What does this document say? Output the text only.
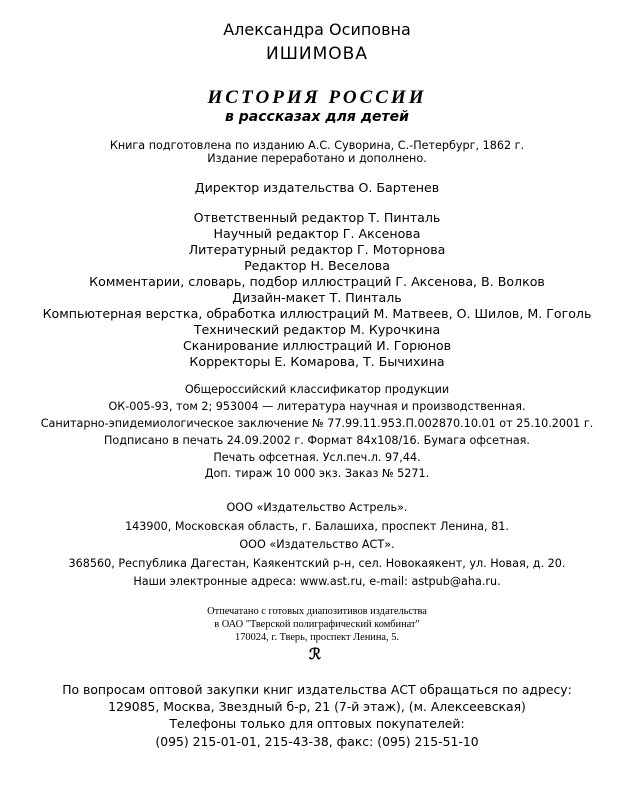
Александра Осиповна
ИШИМОВА
ИСТОРИЯ РОССИИ
в рассказах для детей
Книга подготовлена по изданию А.С. Суворина, С.-Петербург, 1862 г.
Издание переработано и дополнено.
Директор издательства О. Бартенев
Ответственный редактор Т. Пинталь
Научный редактор Г. Аксенова
Литературный редактор Г. Моторнова
Редактор Н. Веселова
Комментарии, словарь, подбор иллюстраций Г. Аксенова, В. Волков
Дизайн-макет Т. Пинталь
Компьютерная верстка, обработка иллюстраций М. Матвеев, О. Шилов, М. Гоголь
Технический редактор М. Курочкина
Сканирование иллюстраций И. Горюнов
Корректоры Е. Комарова, Т. Бычихина
Общероссийский классификатор продукции
ОК-005-93, том 2; 953004 — литература научная и производственная.
Санитарно-эпидемиологическое заключение № 77.99.11.953.П.002870.10.01 от 25.10.2001 г.
Подписано в печать 24.09.2002 г. Формат 84х108/16. Бумага офсетная.
Печать офсетная. Усл.печ.л. 97,44.
Доп. тираж 10 000 экз. Заказ № 5271.
ООО «Издательство Астрель».
143900, Московская область, г. Балашиха, проспект Ленина, 81.
ООО «Издательство АСТ».
368560, Республика Дагестан, Каякентский р-н, сел. Новокаякент, ул. Новая, д. 20.
Наши электронные адреса: www.ast.ru, e-mail: astpub@aha.ru.
Отпечатано с готовых диапозитивов издательства
в ОАО "Тверской полиграфический комбинат"
170024, г. Тверь, проспект Ленина, 5.
ℛ
По вопросам оптовой закупки книг издательства АСТ обращаться по адресу:
129085, Москва, Звездный б-р, 21 (7-й этаж), (м. Алексеевская)
Телефоны только для оптовых покупателей:
(095) 215-01-01, 215-43-38, факс: (095) 215-51-10
